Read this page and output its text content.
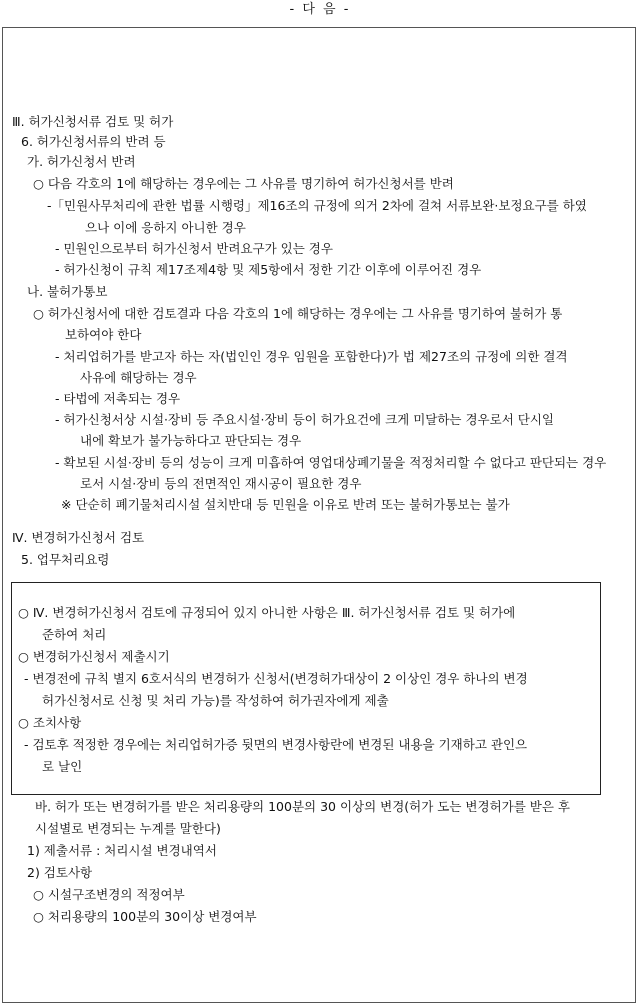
- 다 음 -
Ⅲ. 허가신청서류 검토 및 허가
6. 허가신청서류의 반려 등
가. 허가신청서 반려
○ 다음 각호의 1에 해당하는 경우에는 그 사유를 명기하여 허가신청서를 반려
-「민원사무처리에 관한 법률 시행령」제16조의 규정에 의거 2차에 걸쳐 서류보완·보정요구를 하였
으나 이에 응하지 아니한 경우
- 민원인으로부터 허가신청서 반려요구가 있는 경우
- 허가신청이 규칙 제17조제4항 및 제5항에서 정한 기간 이후에 이루어진 경우
나. 불허가통보
○ 허가신청서에 대한 검토결과 다음 각호의 1에 해당하는 경우에는 그 사유를 명기하여 불허가 통
보하여야 한다
- 처리업허가를 받고자 하는 자(법인인 경우 임원을 포함한다)가 법 제27조의 규정에 의한 결격
사유에 해당하는 경우
- 타법에 저촉되는 경우
- 허가신청서상 시설·장비 등 주요시설·장비 등이 허가요건에 크게 미달하는 경우로서 단시일
내에 확보가 불가능하다고 판단되는 경우
- 확보된 시설·장비 등의 성능이 크게 미흡하여 영업대상폐기물을 적정처리할 수 없다고 판단되는 경우
로서 시설·장비 등의 전면적인 재시공이 필요한 경우
※ 단순히 폐기물처리시설 설치반대 등 민원을 이유로 반려 또는 불허가통보는 불가
Ⅳ. 변경허가신청서 검토
5. 업무처리요령
○ Ⅳ. 변경허가신청서 검토에 규정되어 있지 아니한 사항은 Ⅲ. 허가신청서류 검토 및 허가에
준하여 처리
○ 변경허가신청서 제출시기
- 변경전에 규칙 별지 6호서식의 변경허가 신청서(변경허가대상이 2 이상인 경우 하나의 변경
허가신청서로 신청 및 처리 가능)를 작성하여 허가권자에게 제출
○ 조치사항
- 검토후 적정한 경우에는 처리업허가증 뒷면의 변경사항란에 변경된 내용을 기재하고 관인으
로 날인
바. 허가 또는 변경허가를 받은 처리용량의 100분의 30 이상의 변경(허가 도는 변경허가를 받은 후
시설별로 변경되는 누계를 말한다)
1) 제출서류 : 처리시설 변경내역서
2) 검토사항
○ 시설구조변경의 적정여부
○ 처리용량의 100분의 30이상 변경여부
